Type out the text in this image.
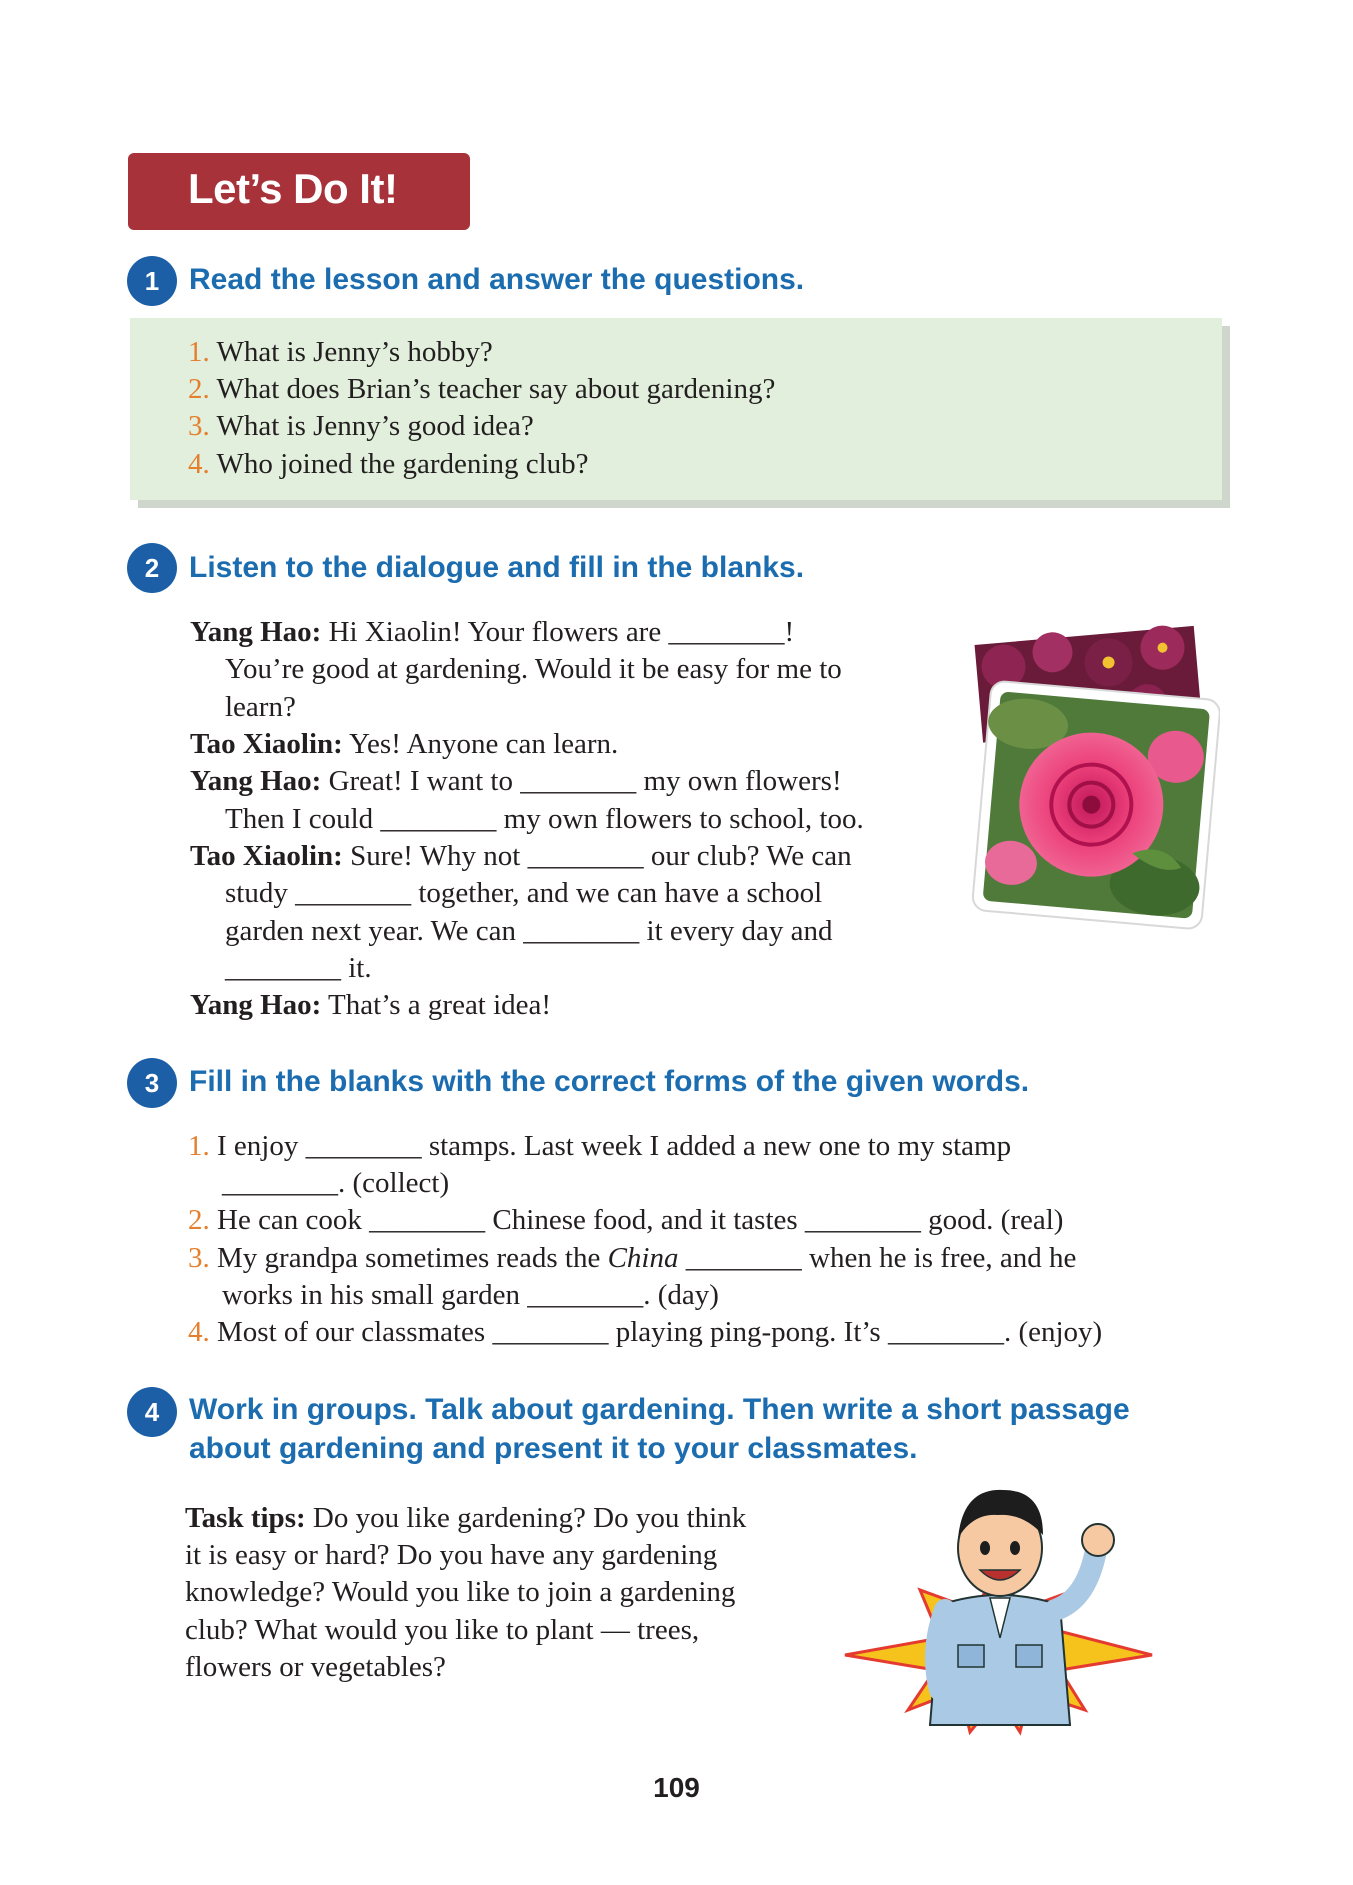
Let’s Do It!
1 Read the lesson and answer the questions.
1. What is Jenny’s hobby?
2. What does Brian’s teacher say about gardening?
3. What is Jenny’s good idea?
4. Who joined the gardening club?
2 Listen to the dialogue and fill in the blanks.
Yang Hao: Hi Xiaolin! Your flowers are ________!
You’re good at gardening. Would it be easy for me to
learn?
Tao Xiaolin: Yes! Anyone can learn.
Yang Hao: Great! I want to ________ my own flowers!
Then I could ________ my own flowers to school, too.
Tao Xiaolin: Sure! Why not ________ our club? We can
study ________ together, and we can have a school
garden next year. We can ________ it every day and
________ it.
Yang Hao: That’s a great idea!
3 Fill in the blanks with the correct forms of the given words.
1. I enjoy ________ stamps. Last week I added a new one to my stamp
________. (collect)
2. He can cook ________ Chinese food, and it tastes ________ good. (real)
3. My grandpa sometimes reads the China ________ when he is free, and he
works in his small garden ________. (day)
4. Most of our classmates ________ playing ping-pong. It’s ________. (enjoy)
4 Work in groups. Talk about gardening. Then write a short passage
about gardening and present it to your classmates.
Task tips: Do you like gardening? Do you think
it is easy or hard? Do you have any gardening
knowledge? Would you like to join a gardening
club? What would you like to plant — trees,
flowers or vegetables?
109
